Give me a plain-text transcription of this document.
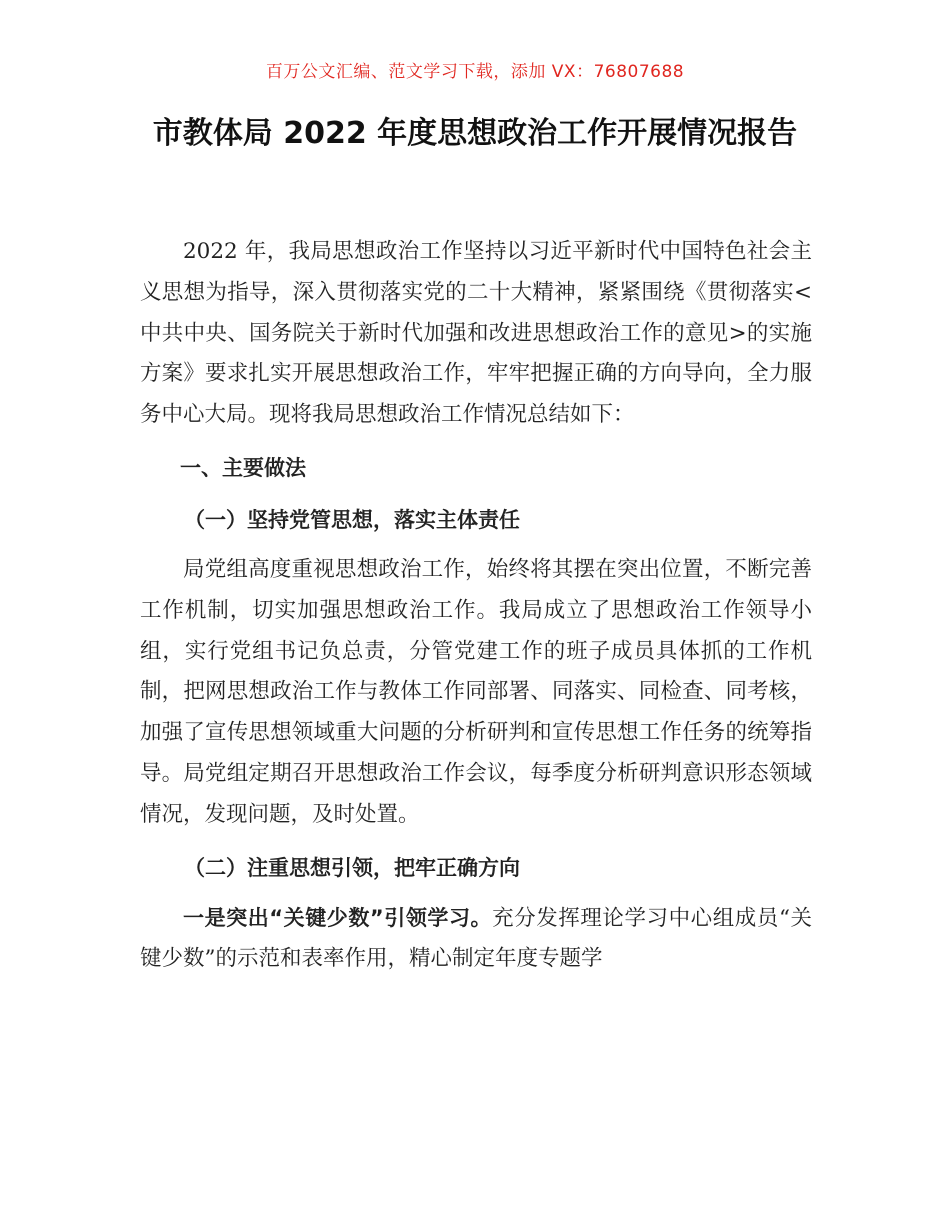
百万公文汇编、范文学习下载，添加 VX：76807688
市教体局 2022 年度思想政治工作开展情况报告

2022 年，我局思想政治工作坚持以习近平新时代中国特色社会主义思想为指导，深入贯彻落实党的二十大精神，紧紧围绕《贯彻落实<中共中央、国务院关于新时代加强和改进思想政治工作的意见>的实施方案》要求扎实开展思想政治工作，牢牢把握正确的方向导向，全力服务中心大局。现将我局思想政治工作情况总结如下：

一、主要做法
（一）坚持党管思想，落实主体责任

局党组高度重视思想政治工作，始终将其摆在突出位置，不断完善工作机制，切实加强思想政治工作。我局成立了思想政治工作领导小组，实行党组书记负总责，分管党建工作的班子成员具体抓的工作机制，把网思想政治工作与教体工作同部署、同落实、同检查、同考核，加强了宣传思想领域重大问题的分析研判和宣传思想工作任务的统筹指导。局党组定期召开思想政治工作会议，每季度分析研判意识形态领域情况，发现问题，及时处置。

（二）注重思想引领，把牢正确方向

一是突出“关键少数”引领学习。充分发挥理论学习中心组成员“关键少数”的示范和表率作用，精心制定年度专题学
